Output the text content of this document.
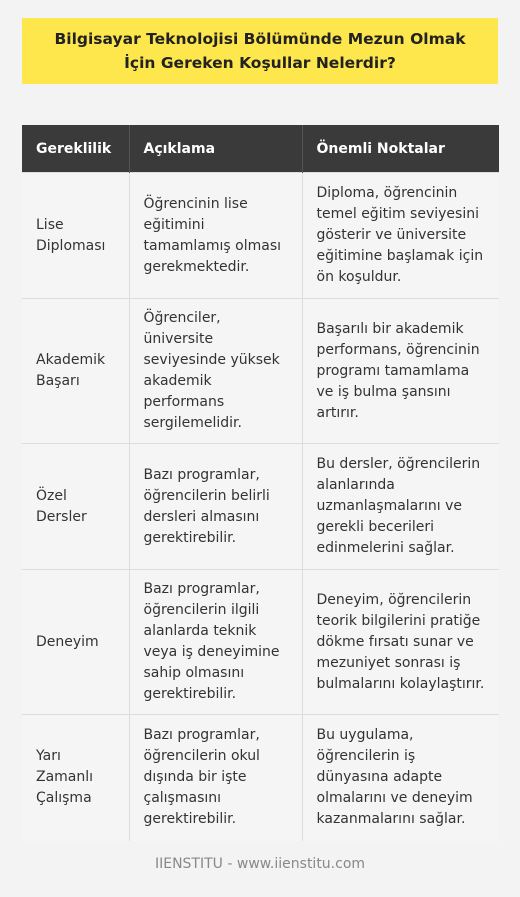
Bilgisayar Teknolojisi Bölümünde Mezun Olmak İçin Gereken Koşullar Nelerdir?
Gereklilik	Açıklama	Önemli Noktalar
Lise Diploması	Öğrencinin lise eğitimini tamamlamış olması gerekmektedir.	Diploma, öğrencinin temel eğitim seviyesini gösterir ve üniversite eğitimine başlamak için ön koşuldur.
Akademik Başarı	Öğrenciler, üniversite seviyesinde yüksek akademik performans sergilemelidir.	Başarılı bir akademik performans, öğrencinin programı tamamlama ve iş bulma şansını artırır.
Özel Dersler	Bazı programlar, öğrencilerin belirli dersleri almasını gerektirebilir.	Bu dersler, öğrencilerin alanlarında uzmanlaşmalarını ve gerekli becerileri edinmelerini sağlar.
Deneyim	Bazı programlar, öğrencilerin ilgili alanlarda teknik veya iş deneyimine sahip olmasını gerektirebilir.	Deneyim, öğrencilerin teorik bilgilerini pratiğe dökme fırsatı sunar ve mezuniyet sonrası iş bulmalarını kolaylaştırır.
Yarı Zamanlı Çalışma	Bazı programlar, öğrencilerin okul dışında bir işte çalışmasını gerektirebilir.	Bu uygulama, öğrencilerin iş dünyasına adapte olmalarını ve deneyim kazanmalarını sağlar.
IIENSTITU - www.iienstitu.com
